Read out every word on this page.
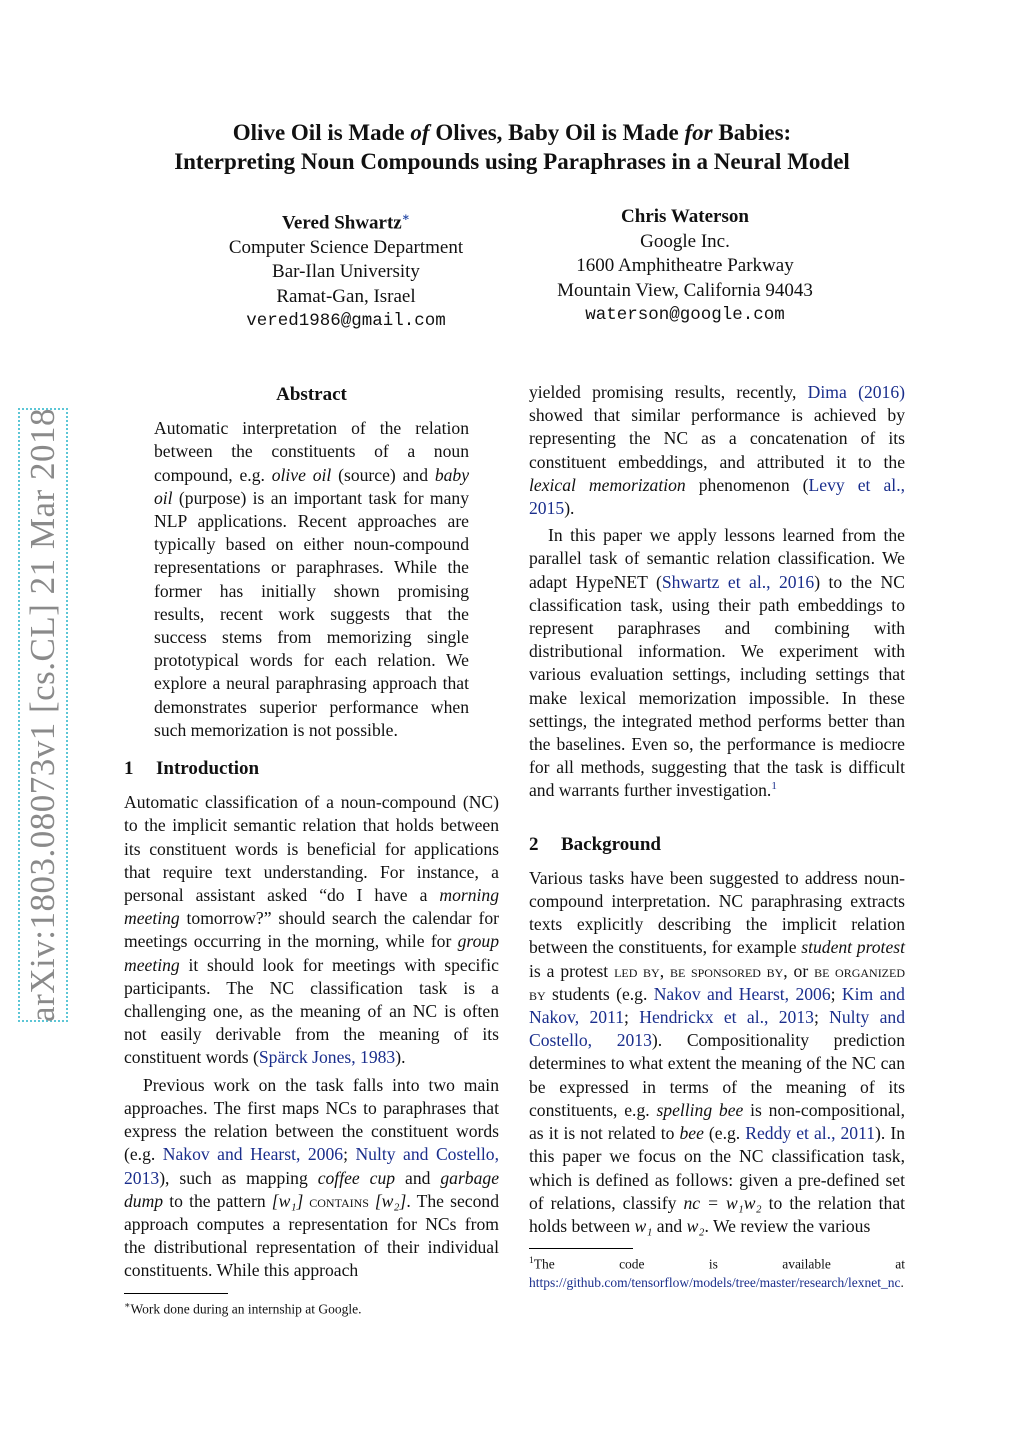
arXiv:1803.08073v1 [cs.CL] 21 Mar 2018
Olive Oil is Made of Olives, Baby Oil is Made for Babies:
Interpreting Noun Compounds using Paraphrases in a Neural Model
Vered Shwartz∗
Computer Science Department
Bar-Ilan University
Ramat-Gan, Israel
vered1986@gmail.com
Chris Waterson
Google Inc.
1600 Amphitheatre Parkway
Mountain View, California 94043
waterson@google.com
Abstract

Automatic interpretation of the relation between the constituents of a noun compound, e.g. olive oil (source) and baby oil (purpose) is an important task for many NLP applications. Recent approaches are typically based on either noun-compound representations or paraphrases. While the former has initially shown promising results, recent work suggests that the success stems from memorizing single prototypical words for each relation. We explore a neural paraphrasing approach that demonstrates superior performance when such memorization is not possible.

1 Introduction

Automatic classification of a noun-compound (NC) to the implicit semantic relation that holds between its constituent words is beneficial for applications that require text understanding. For instance, a personal assistant asked “do I have a morning meeting tomorrow?” should search the calendar for meetings occurring in the morning, while for group meeting it should look for meetings with specific participants. The NC classification task is a challenging one, as the meaning of an NC is often not easily derivable from the meaning of its constituent words (Spärck Jones, 1983).

Previous work on the task falls into two main approaches. The first maps NCs to paraphrases that express the relation between the constituent words (e.g. Nakov and Hearst, 2006; Nulty and Costello, 2013), such as mapping coffee cup and garbage dump to the pattern [w₁] contains [w₂]. The second approach computes a representation for NCs from the distributional representation of their individual constituents. While this approach

∗Work done during an internship at Google.

yielded promising results, recently, Dima (2016) showed that similar performance is achieved by representing the NC as a concatenation of its constituent embeddings, and attributed it to the lexical memorization phenomenon (Levy et al., 2015).

In this paper we apply lessons learned from the parallel task of semantic relation classification. We adapt HypeNET (Shwartz et al., 2016) to the NC classification task, using their path embeddings to represent paraphrases and combining with distributional information. We experiment with various evaluation settings, including settings that make lexical memorization impossible. In these settings, the integrated method performs better than the baselines. Even so, the performance is mediocre for all methods, suggesting that the task is difficult and warrants further investigation.$^1$

2 Background

Various tasks have been suggested to address noun-compound interpretation. NC paraphrasing extracts texts explicitly describing the implicit relation between the constituents, for example student protest is a protest led by, be sponsored by, or be organized by students (e.g. Nakov and Hearst, 2006; Kim and Nakov, 2011; Hendrickx et al., 2013; Nulty and Costello, 2013). Compositionality prediction determines to what extent the meaning of the NC can be expressed in terms of the meaning of its constituents, e.g. spelling bee is non-compositional, as it is not related to bee (e.g. Reddy et al., 2011). In this paper we focus on the NC classification task, which is defined as follows: given a pre-defined set of relations, classify nc = w₁w₂ to the relation that holds between w₁ and w₂. We review the various

$^1$The code is available at https://github.com/tensorflow/models/tree/master/research/lexnet_nc.
